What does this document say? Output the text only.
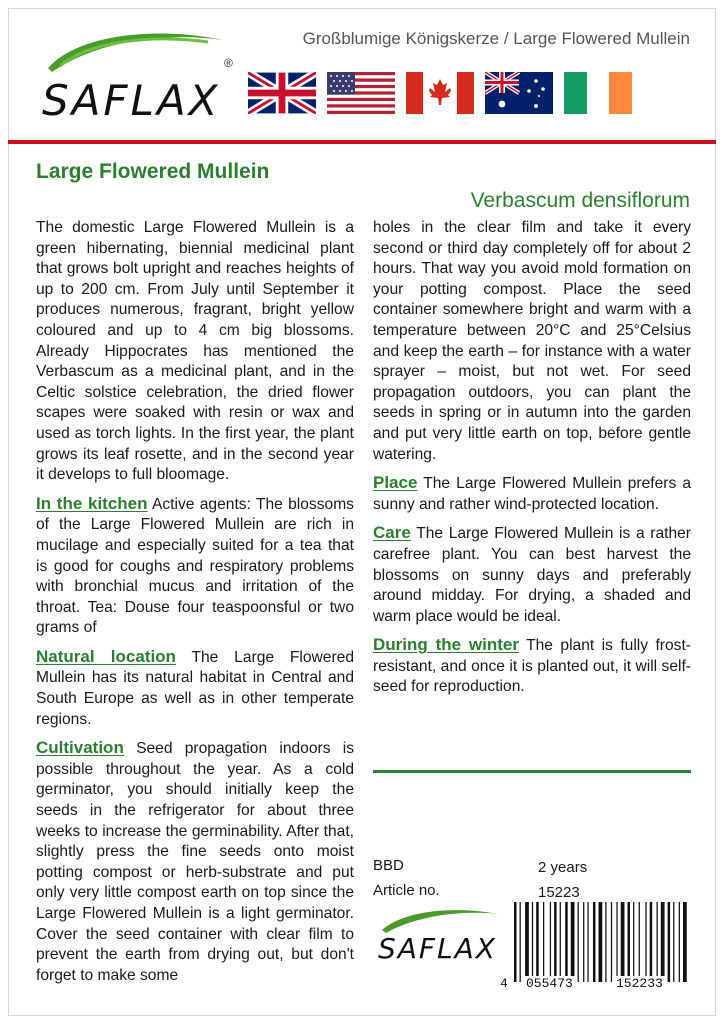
SAFLAX
®
Großblumige Königskerze / Large Flowered Mullein
Large Flowered Mullein
Verbascum densiflorum

The domestic Large Flowered Mullein is a green hibernating, biennial medicinal plant that grows bolt upright and reaches heights of up to 200 cm. From July until September it produces numerous, fragrant, bright yellow coloured and up to 4 cm big blossoms. Already Hippocrates has mentioned the Verbascum as a medicinal plant, and in the Celtic solstice celebration, the dried flower scapes were soaked with resin or wax and used as torch lights. In the first year, the plant grows its leaf rosette, and in the second year it develops to full bloomage.

In the kitchen Active agents: The blossoms of the Large Flowered Mullein are rich in mucilage and especially suited for a tea that is good for coughs and respiratory problems with bronchial mucus and irritation of the throat. Tea: Douse four teaspoonsful or two grams of

Natural location The Large Flowered Mullein has its natural habitat in Central and South Europe as well as in other temperate regions.

Cultivation Seed propagation indoors is possible throughout the year. As a cold germinator, you should initially keep the seeds in the refrigerator for about three weeks to increase the germinability. After that, slightly press the fine seeds onto moist potting compost or herb-substrate and put only very little compost earth on top since the Large Flowered Mullein is a light germinator. Cover the seed container with clear film to prevent the earth from drying out, but don't forget to make some

holes in the clear film and take it every second or third day completely off for about 2 hours. That way you avoid mold formation on your potting compost. Place the seed container somewhere bright and warm with a temperature between 20°C and 25°Celsius and keep the earth – for instance with a water sprayer – moist, but not wet. For seed propagation outdoors, you can plant the seeds in spring or in autumn into the garden and put very little earth on top, before gentle watering.

Place The Large Flowered Mullein prefers a sunny and rather wind-protected location.

Care The Large Flowered Mullein is a rather carefree plant. You can best harvest the blossoms on sunny days and preferably around midday. For drying, a shaded and warm place would be ideal.

During the winter The plant is fully frost-resistant, and once it is planted out, it will self-seed for reproduction.

BBD	2 years
Article no.	15223
SAFLAX
4	055473	152233
